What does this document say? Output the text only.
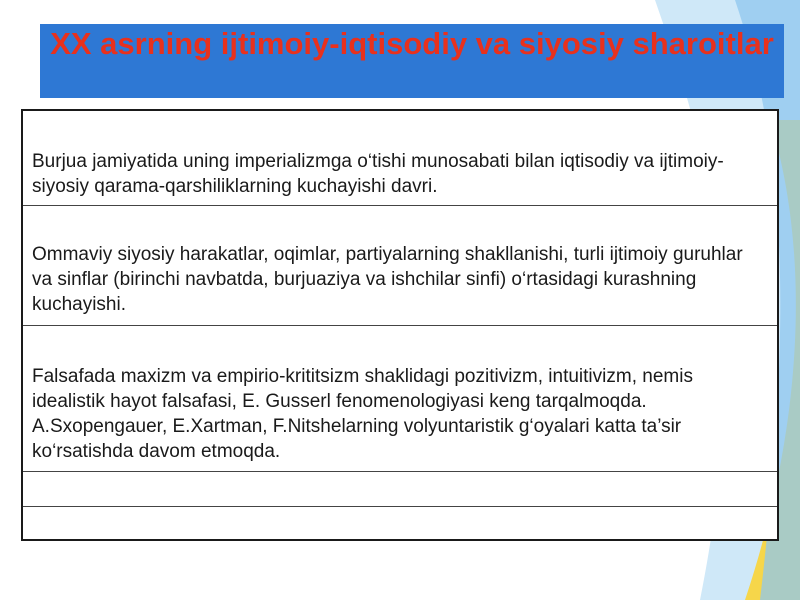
XX asrning ijtimoiy-iqtisodiy va siyosiy sharoitlar

Burjua jamiyatida uning imperializmga o‘tishi munosabati bilan iqtisodiy va ijtimoiy-siyosiy qarama-qarshiliklarning kuchayishi davri.

Ommaviy siyosiy harakatlar, oqimlar, partiyalarning shakllanishi, turli ijtimoiy guruhlar va sinflar (birinchi navbatda, burjuaziya va ishchilar sinfi) o‘rtasidagi kurashning kuchayishi.

Falsafada maxizm va empirio-krititsizm shaklidagi pozitivizm, intuitivizm, nemis idealistik hayot falsafasi, E. Gusserl fenomenologiyasi keng tarqalmoqda. A.Sxopengauer, E.Xartman, F.Nitshelarning volyuntaristik g‘oyalari katta ta’sir ko‘rsatishda davom etmoqda.
